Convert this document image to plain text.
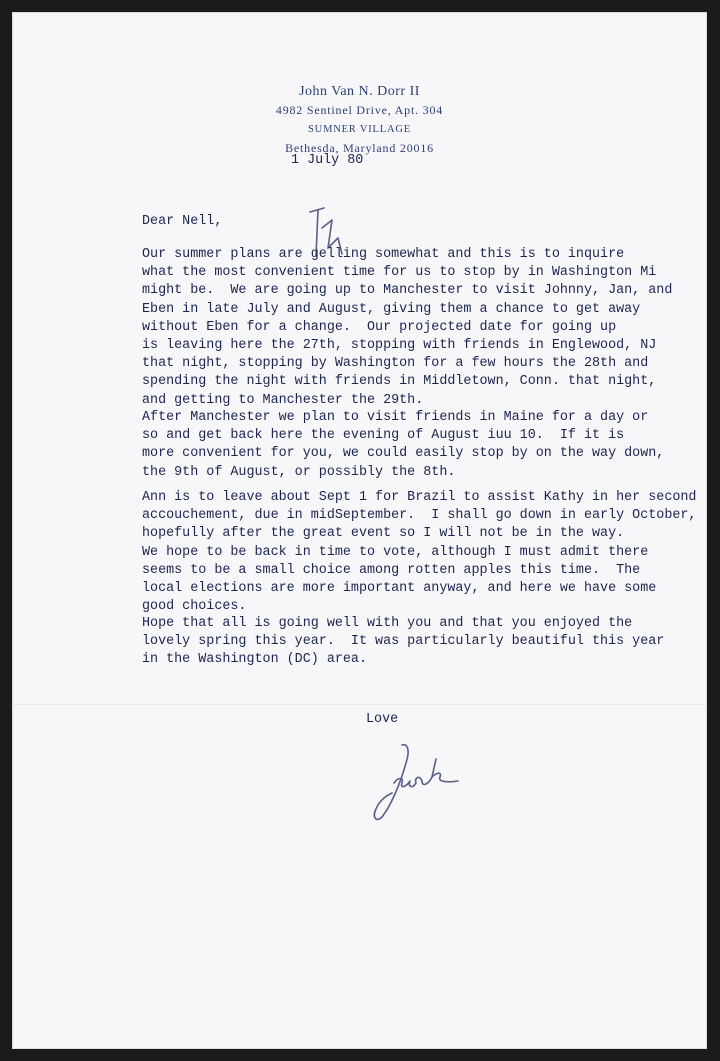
John Van N. Dorr II
4982 Sentinel Drive, Apt. 304
SUMNER VILLAGE
Bethesda, Maryland 20016
1 July 80
Dear Nell,

Our summer plans are gelling somewhat and this is to inquire
what the most convenient time for us to stop by in Washington Mi
might be.  We are going up to Manchester to visit Johnny, Jan, and
Eben in late July and August, giving them a chance to get away
without Eben for a change.  Our projected date for going up
is leaving here the 27th, stopping with friends in Englewood, NJ
that night, stopping by Washington for a few hours the 28th and
spending the night with friends in Middletown, Conn. that night,
and getting to Manchester the 29th.

After Manchester we plan to visit friends in Maine for a day or
so and get back here the evening of August iuu 10.  If it is
more convenient for you, we could easily stop by on the way down,
the 9th of August, or possibly the 8th.

Ann is to leave about Sept 1 for Brazil to assist Kathy in her second
accouchement, due in midSeptember.  I shall go down in early October,
hopefully after the great event so I will not be in the way.
We hope to be back in time to vote, although I must admit there
seems to be a small choice among rotten apples this time.  The
local elections are more important anyway, and here we have some
good choices.

Hope that all is going well with you and that you enjoyed the
lovely spring this year.  It was particularly beautiful this year
in the Washington (DC) area.

Love
